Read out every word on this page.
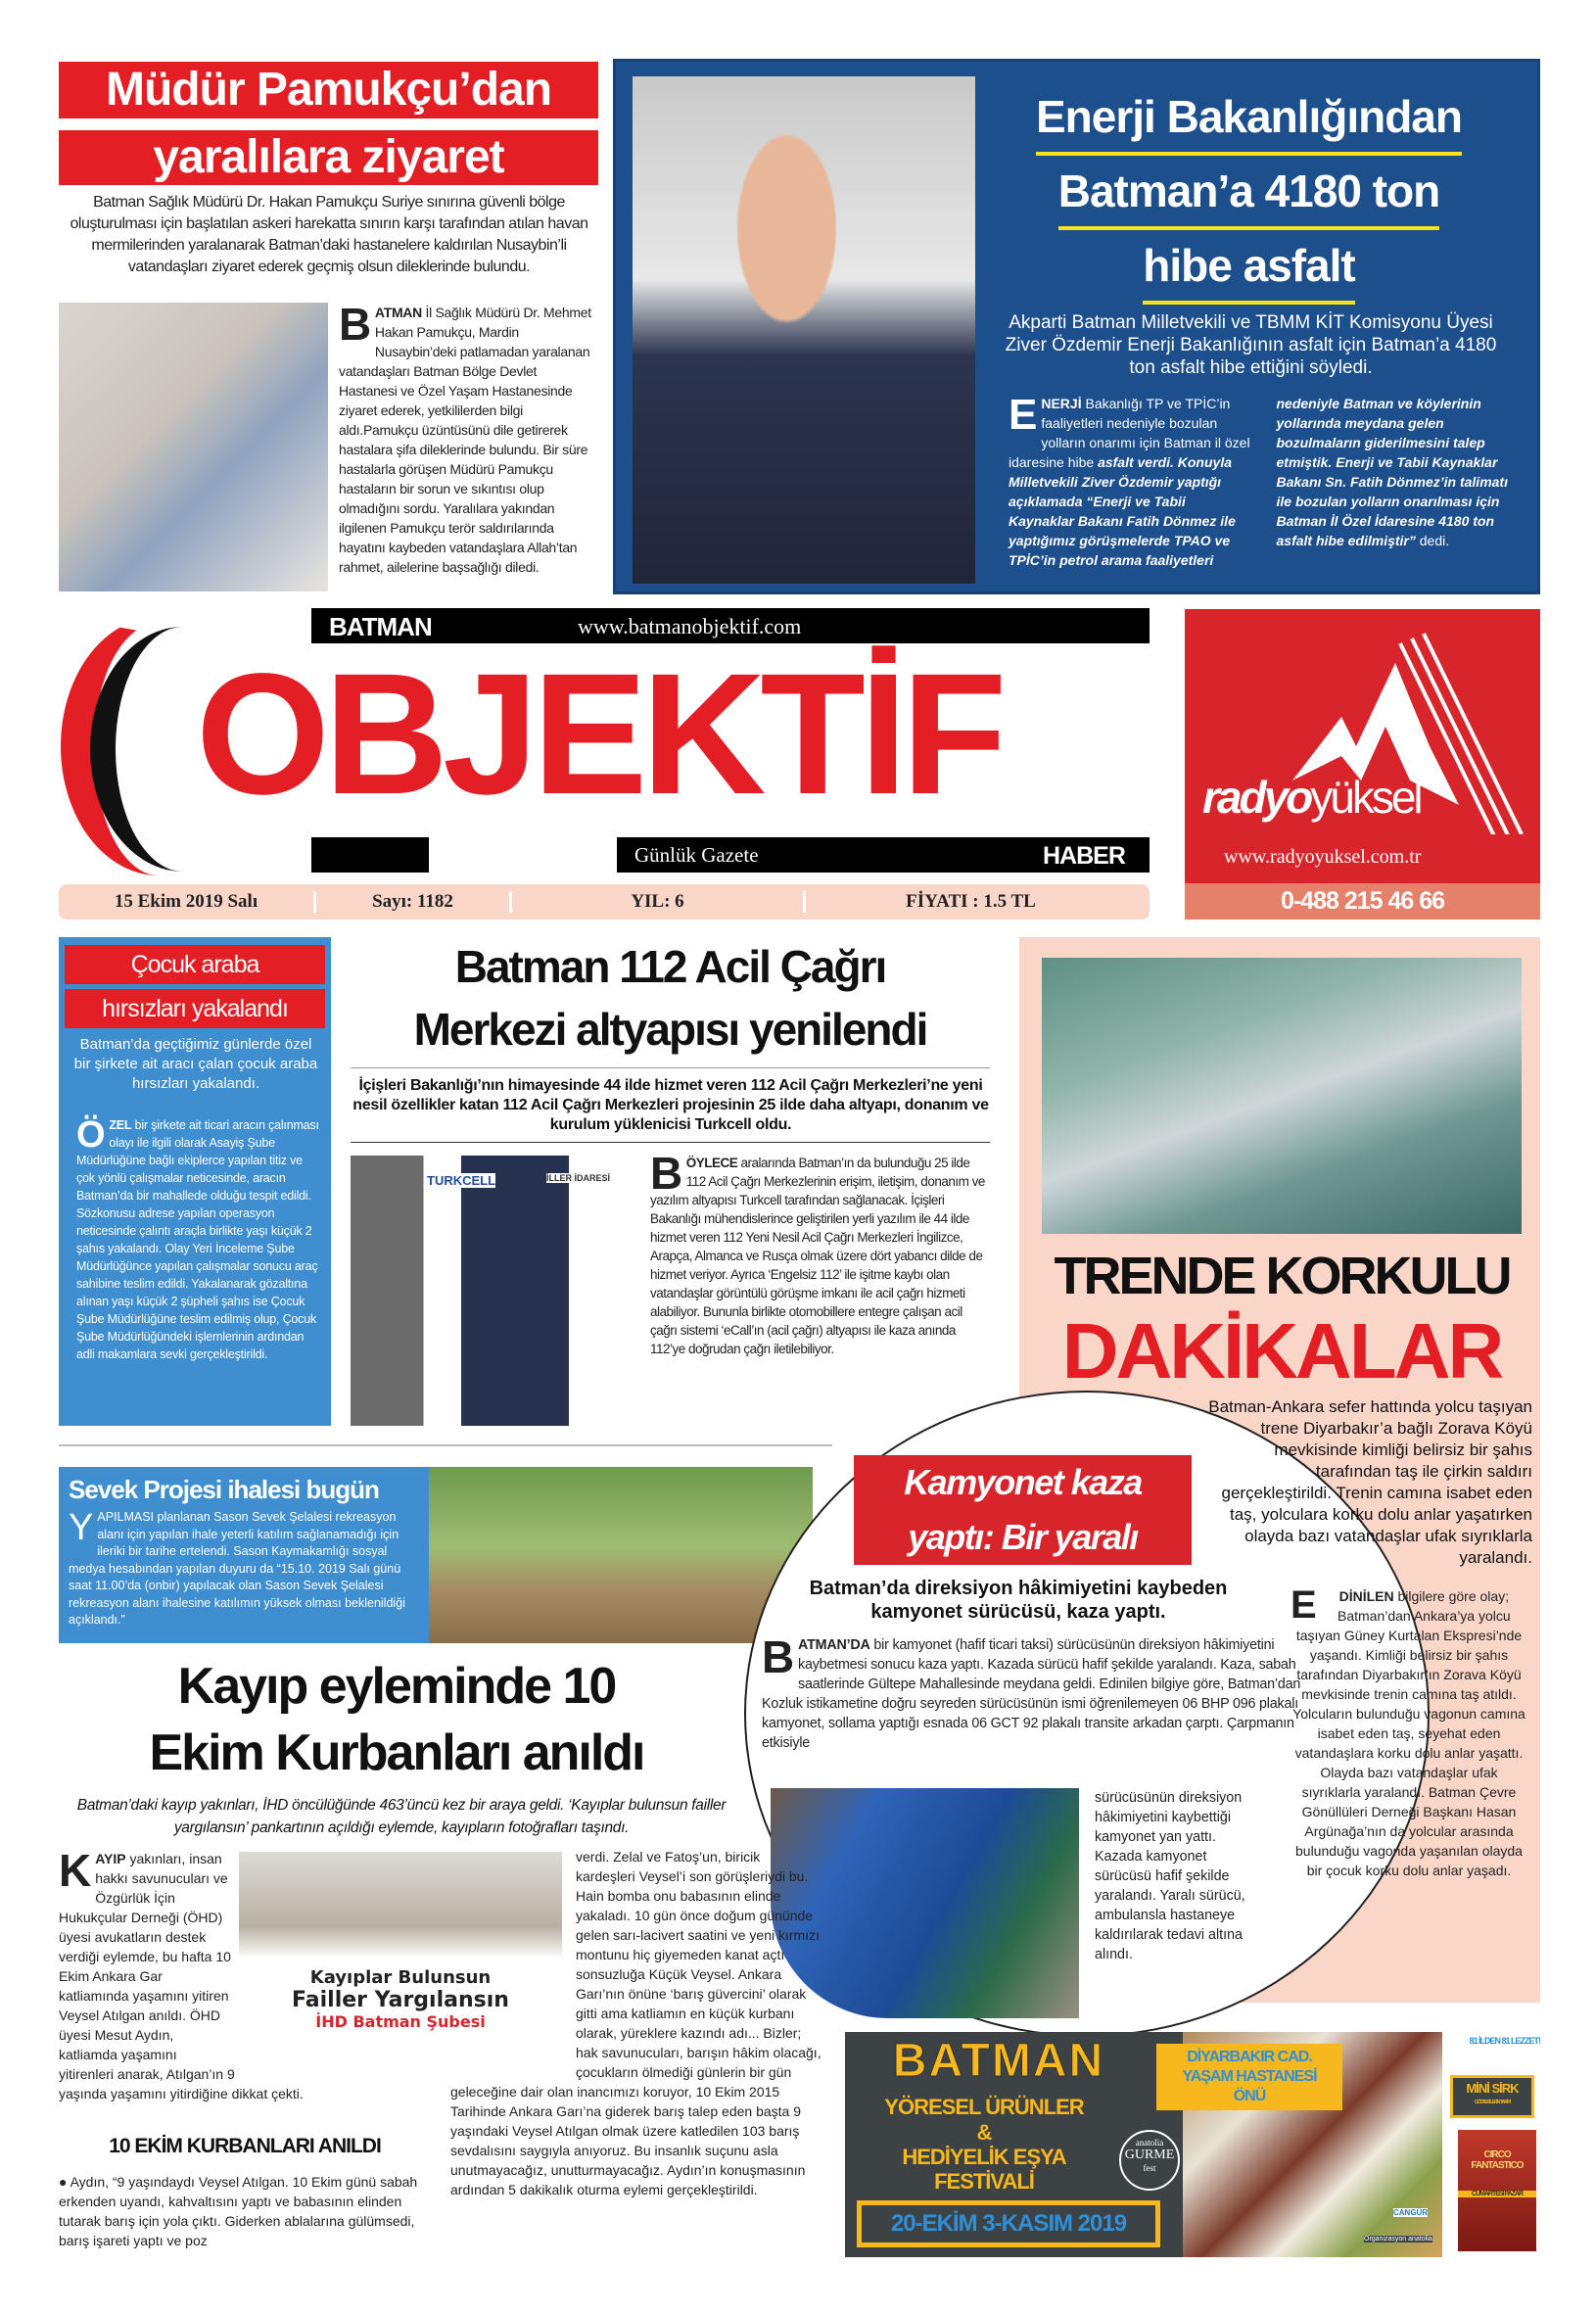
Müdür Pamukçu’dan
yaralılara ziyaret
Batman Sağlık Müdürü Dr. Hakan Pamukçu Suriye sınırına güvenli bölge oluşturulması için başlatılan askeri harekatta sınırın karşı tarafından atılan havan mermilerinden yaralanarak Batman’daki hastanelere kaldırılan Nusaybin’li vatandaşları ziyaret ederek geçmiş olsun dileklerinde bulundu.
BATMAN İl Sağlık Müdürü Dr. Mehmet Hakan Pamukçu, Mardin Nusaybin’deki patlamadan yaralanan vatandaşları Batman Bölge Devlet Hastanesi ve Özel Yaşam Hastanesinde ziyaret ederek, yetkililerden bilgi aldı.Pamukçu üzüntüsünü dile getirerek hastalara şifa dileklerinde bulundu. Bir süre hastalarla görüşen Müdürü Pamukçu hastaların bir sorun ve sıkıntısı olup olmadığını sordu. Yaralılara yakından ilgilenen Pamukçu terör saldırılarında hayatını kaybeden vatandaşlara Allah’tan rahmet, ailelerine başsağlığı diledi.
Enerji Bakanlığından Batman’a 4180 ton hibe asfalt
Akparti Batman Milletvekili ve TBMM KİT Komisyonu Üyesi Ziver Özdemir Enerji Bakanlığının asfalt için Batman’a 4180 ton asfalt hibe ettiğini söyledi.
ENERJİ Bakanlığı TP ve TPİC’in faaliyetleri nedeniyle bozulan yolların onarımı için Batman il özel idaresine hibe asfalt verdi. Konuyla Milletvekili Ziver Özdemir yaptığı açıklamada “Enerji ve Tabii Kaynaklar Bakanı Fatih Dönmez ile yaptığımız görüşmelerde TPAO ve TPİC’in petrol arama faaliyetleri nedeniyle Batman ve köylerinin yollarında meydana gelen bozulmaların giderilmesini talep etmiştik. Enerji ve Tabii Kaynaklar Bakanı Sn. Fatih Dönmez’in talimatı ile bozulan yolların onarılması için Batman İl Özel İdaresine 4180 ton asfalt hibe edilmiştir” dedi.
BATMAN	www.batmanobjektif.com
OBJEKTİF
Günlük Gazete	HABER
15 Ekim 2019 Salı	Sayı: 1182	YIL: 6	FİYATI : 1.5 TL
radyoyüksel
www.radyoyuksel.com.tr
0-488 215 46 66
Çocuk araba
hırsızları yakalandı
Batman’da geçtiğimiz günlerde özel bir şirkete ait aracı çalan çocuk araba hırsızları yakalandı.
ÖZEL bir şirkete ait ticari aracın çalınması olayı ile ilgili olarak Asayiş Şube Müdürlüğüne bağlı ekiplerce yapılan titiz ve çok yönlü çalışmalar neticesinde, aracın Batman’da bir mahallede olduğu tespit edildi. Sözkonusu adrese yapılan operasyon neticesinde çalıntı araçla birlikte yaşı küçük 2 şahıs yakalandı. Olay Yeri İnceleme Şube Müdürlüğünce yapılan çalışmalar sonucu araç sahibine teslim edildi. Yakalanarak gözaltına alınan yaşı küçük 2 şüpheli şahıs ise Çocuk Şube Müdürlüğüne teslim edilmiş olup, Çocuk Şube Müdürlüğündeki işlemlerinin ardından adli makamlara sevki gerçekleştirildi.
Batman 112 Acil Çağrı
Merkezi altyapısı yenilendi
İçişleri Bakanlığı’nın himayesinde 44 ilde hizmet veren 112 Acil Çağrı Merkezleri’ne yeni nesil özellikler katan 112 Acil Çağrı Merkezleri projesinin 25 ilde daha altyapı, donanım ve kurulum yüklenicisi Turkcell oldu.
TURKCELL	İLLER İDARESİ BÖYLECE aralarında Batman’ın da bulunduğu 25 ilde 112 Acil Çağrı Merkezlerinin erişim, iletişim, donanım ve yazılım altyapısı Turkcell tarafından sağlanacak. İçişleri Bakanlığı mühendislerince geliştirilen yerli yazılım ile 44 ilde hizmet veren 112 Yeni Nesil Acil Çağrı Merkezleri İngilizce, Arapça, Almanca ve Rusça olmak üzere dört yabancı dilde de hizmet veriyor. Ayrıca ‘Engelsiz 112’ ile işitme kaybı olan vatandaşlar görüntülü görüşme imkanı ile acil çağrı hizmeti alabiliyor. Bununla birlikte otomobillere entegre çalışan acil çağrı sistemi ‘eCall’ın (acil çağrı) altyapısı ile kaza anında 112’ye doğrudan çağrı iletilebiliyor.
TRENDE KORKULU
DAKİKALAR
Sevek Projesi ihalesi bugün
YAPILMASI planlanan Sason Sevek Şelalesi rekreasyon alanı için yapılan ihale yeterli katılım sağlanamadığı için ileriki bir tarihe ertelendi. Sason Kaymakamlığı sosyal medya hesabından yapılan duyuru da “15.10. 2019 Salı günü saat 11.00’da (onbir) yapılacak olan Sason Sevek Şelalesi rekreasyon alanı ihalesine katılımın yüksek olması beklenildiği açıklandı.”
Kamyonet kaza
yaptı: Bir yaralı
Batman’da direksiyon hâkimiyetini kaybeden kamyonet sürücüsü, kaza yaptı.
BATMAN’DA bir kamyonet (hafif ticari taksi) sürücüsünün direksiyon hâkimiyetini kaybetmesi sonucu kaza yaptı. Kazada sürücü hafif şekilde yaralandı. Kaza, sabah saatlerinde Gültepe Mahallesinde meydana geldi. Edinilen bilgiye göre, Batman’dan Kozluk istikametine doğru seyreden sürücüsünün ismi öğrenilemeyen 06 BHP 096 plakalı kamyonet, sollama yaptığı esnada 06 GCT 92 plakalı transite arkadan çarptı. Çarpmanın etkisiyle
sürücüsünün direksiyon hâkimiyetini kaybettiği kamyonet yan yattı. Kazada kamyonet sürücüsü hafif şekilde yaralandı. Yaralı sürücü, ambulansla hastaneye kaldırılarak tedavi altına alındı.
Batman-Ankara sefer hattında yolcu taşıyan trene Diyarbakır’a bağlı Zorava Köyü mevkisinde kimliği belirsiz bir şahıs tarafından taş ile çirkin saldırı gerçekleştirildi. Trenin camına isabet eden taş, yolculara korku dolu anlar yaşatırken olayda bazı vatandaşlar ufak sıyrıklarla yaralandı.
E DİNİLEN bilgilere göre olay; Batman’dan Ankara’ya yolcu taşıyan Güney Kurtalan Ekspresi’nde yaşandı. Kimliği belirsiz bir şahıs tarafından Diyarbakır’ın Zorava Köyü mevkisinde trenin camına taş atıldı. Yolcuların bulunduğu vagonun camına isabet eden taş, seyehat eden vatandaşlara korku dolu anlar yaşattı. Olayda bazı vatandaşlar ufak sıyrıklarla yaralandı. Batman Çevre Gönüllüleri Derneği Başkanı Hasan Argünağa’nın da yolcular arasında bulunduğu vagonda yaşanılan olayda bir çocuk korku dolu anlar yaşadı.
Kayıp eyleminde 10
Ekim Kurbanları anıldı
Batman’daki kayıp yakınları, İHD öncülüğünde 463’üncü kez bir araya geldi. ‘Kayıplar bulunsun failler yargılansın’ pankartının açıldığı eylemde, kayıpların fotoğrafları taşındı.
KAYIP yakınları, insan hakkı savunucuları ve Özgürlük İçin Hukukçular Derneği (ÖHD) üyesi avukatların destek verdiği eylemde, bu hafta 10 Ekim Ankara Gar katliamında yaşamını yitiren Veysel Atılgan anıldı. ÖHD üyesi Mesut Aydın, katliamda yaşamını yitirenleri anarak, Atılgan’ın 9 yaşında yaşamını yitirdiğine dikkat çekti.
Kayıplar Bulunsun
Failler Yargılansın
İHD Batman Şubesi
verdi. Zelal ve Fatoş’un, biricik kardeşleri Veysel’i son görüşleriydi bu. Hain bomba onu babasının elinde yakaladı. 10 gün önce doğum gününde gelen sarı-lacivert saatini ve yeni kırmızı montunu hiç giyemeden kanat açtı sonsuzluğa Küçük Veysel. Ankara Garı’nın önüne ‘barış güvercini’ olarak gitti ama katliamın en küçük kurbanı olarak, yüreklere kazındı adı... Bizler; hak savunucuları, barışın hâkim olacağı, çocukların ölmediği günlerin bir gün geleceğine dair olan inancımızı koruyor, 10 Ekim 2015 Tarihinde Ankara Garı’na giderek barış talep eden başta 9 yaşındaki Veysel Atılgan olmak üzere katledilen 103 barış sevdalısını saygıyla anıyoruz. Bu insanlık suçunu asla unutmayacağız, unutturmayacağız. Aydın’ın konuşmasının ardından 5 dakikalık oturma eylemi gerçekleştirildi.
10 EKİM KURBANLARI ANILDI
● Aydın, “9 yaşındaydı Veysel Atılgan. 10 Ekim günü sabah erkenden uyandı, kahvaltısını yaptı ve babasının elinden tutarak barış için yola çıktı. Giderken ablalarına gülümsedi, barış işareti yaptı ve poz
BATMAN
YÖRESEL ÜRÜNLER
&
HEDİYELİK EŞYA
FESTİVALİ
20-EKİM 3-KASIM 2019
DİYARBAKIR CAD.
YAŞAM HASTANESİ
ÖNÜ
anatolia
GURME
fest
81 İLDEN 81 LEZZET!
MİNİ SİRK
GÖSTERİLERİN TARİHİ
CIRCO FANTASTICO
CUMARTESİ PAZAR
CANGÜR
Organizasyon anatolia
